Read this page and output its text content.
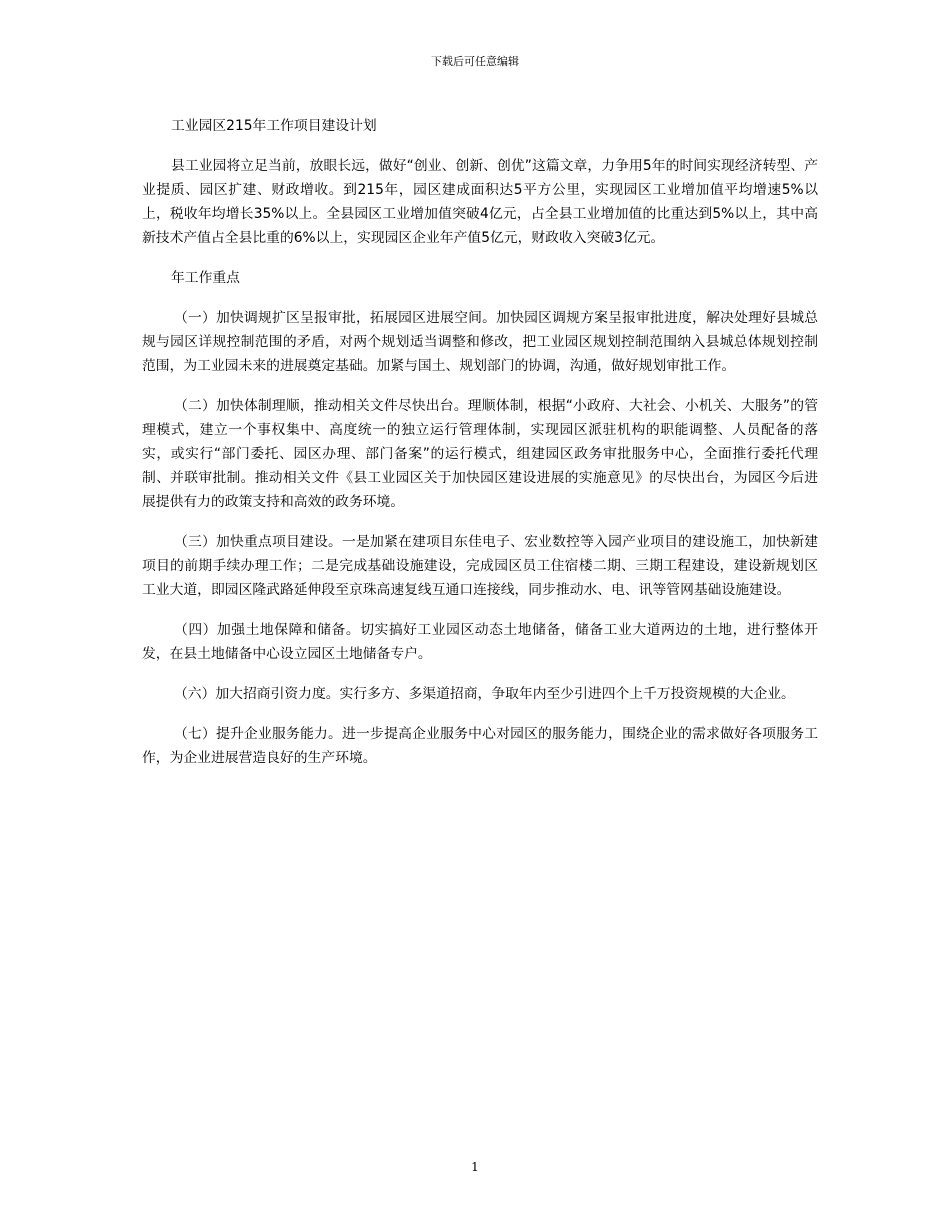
下载后可任意编辑

工业园区215年工作项目建设计划

县工业园将立足当前，放眼长远，做好“创业、创新、创优”这篇文章，力争用5年的时间实现经济转型、产业提质、园区扩建、财政增收。到215年，园区建成面积达5平方公里，实现园区工业增加值平均增速5%以上，税收年均增长35%以上。全县园区工业增加值突破4亿元，占全县工业增加值的比重达到5%以上，其中高新技术产值占全县比重的6%以上，实现园区企业年产值5亿元，财政收入突破3亿元。

年工作重点

（一）加快调规扩区呈报审批，拓展园区进展空间。加快园区调规方案呈报审批进度，解决处理好县城总规与园区详规控制范围的矛盾，对两个规划适当调整和修改，把工业园区规划控制范围纳入县城总体规划控制范围，为工业园未来的进展奠定基础。加紧与国土、规划部门的协调，沟通，做好规划审批工作。

（二）加快体制理顺，推动相关文件尽快出台。理顺体制，根据“小政府、大社会、小机关、大服务”的管理模式，建立一个事权集中、高度统一的独立运行管理体制，实现园区派驻机构的职能调整、人员配备的落实，或实行“部门委托、园区办理、部门备案”的运行模式，组建园区政务审批服务中心，全面推行委托代理制、并联审批制。推动相关文件《县工业园区关于加快园区建设进展的实施意见》的尽快出台，为园区今后进展提供有力的政策支持和高效的政务环境。

（三）加快重点项目建设。一是加紧在建项目东佳电子、宏业数控等入园产业项目的建设施工，加快新建项目的前期手续办理工作；二是完成基础设施建设，完成园区员工住宿楼二期、三期工程建设，建设新规划区工业大道，即园区隆武路延伸段至京珠高速复线互通口连接线，同步推动水、电、讯等管网基础设施建设。

（四）加强土地保障和储备。切实搞好工业园区动态土地储备，储备工业大道两边的土地，进行整体开发，在县土地储备中心设立园区土地储备专户。

（六）加大招商引资力度。实行多方、多渠道招商，争取年内至少引进四个上千万投资规模的大企业。

（七）提升企业服务能力。进一步提高企业服务中心对园区的服务能力，围绕企业的需求做好各项服务工作，为企业进展营造良好的生产环境。

1
